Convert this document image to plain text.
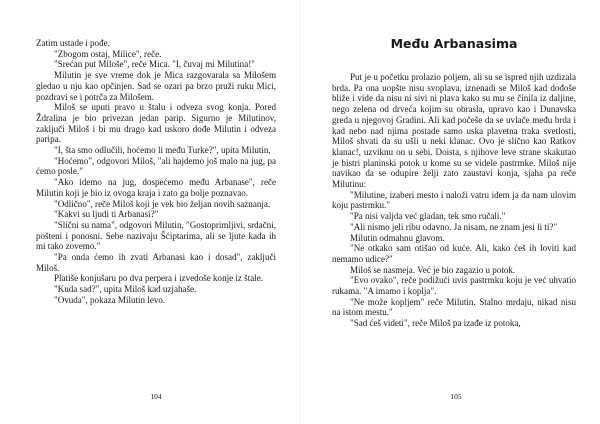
Zatim ustade i pođe.

"Zbogom ostaj, Milice", reče.

"Srećan put Miloše", reče Mica. "I, čuvaj mi Milutina!"

Milutin je sve vreme dok je Mica razgovarala sa Milošem gledao u nju kao opčinjen. Sad se ozari pa brzo pruži ruku Mici, pozdravi se i potrča za Milošem.

Miloš se uputi pravo u štalu i odveza svog konja. Pored Ždralina je bio privezan jedan parip. Sigurno je Milutinov, zaključi Miloš i bi mu drago kad uskoro dođe Milutin i odveza paripa.

"I, šta smo odlučili, hoćemo li među Turke?", upita Milutin,

"Hoćemo", odgovori Miloš, "ali hajdemo još malo na jug, pa ćemo posle."

"Ako idemo na jug, dospećemo među Arbanase", reče Milutin koji je bio iz ovoga kraja i zato ga bolje poznavao.

"Odlično", reče Miloš koji je vek bio željan novih saznanja.

"Kakvi su ljudi ti Arbanasi?"

"Slični su nama", odgovori Milutin, "Gostoprimljivi, srdačni, pošteni i ponosni. Sebe nazivaju Šćiptarima, ali se ljute kada ih mi tako zovemo."

"Pa onda ćemo ih zvati Arbanasi kao i dosad", zaključi Miloš.

Platiše konjušaru po dva perpera i izvedoše konje iz štale.

"Kuda sad?", upita Miloš kad uzjahaše.

"Ovuda", pokaza Milutin levo.

Među Arbanasima

Put je u početku prolazio poljem, ali su se ispred njih uzdizala brda. Pa ona uopšte nisu svoplava, iznenadi se Miloš kad dođoše bliže i vide da nisu ni sivi ni plava kako su mu se činila iz daljine, nego zelena od drveća kojim su obrasla, upravo kao i Dunavska greda u njegovoj Gradini. Ali kad počeše da se uvlače među brda i kad nebo nad njima postade samo uska plavetna traka svetlosti, Miloš shvati da su ušli u neki klanac. Ovo je slično kao Ratkov klanac!, uzviknu on u sebi. Doista, s njihove leve strane skakutao je bistri planinski potok u kome su se videle pastrmke. Miloš nije navikao da se odupire želji zato zaustavi konja, sjaha pa reče Milutinu:

"Milutine, izaberi mesto i naloži vatru idem ja da nam ulovim koju pastrmku."

"Pa nisi valjda već gladan, tek smo ručali."

"Ali nismo jeli ribu odavno. Ja nisam, ne znam jesi li ti?"

Milutin odmahnu glavom.

"Ne otkako sam otišao od kuće. Ali, kako ćeš ih loviti kad nemamo udice?"

Miloš se nasmeja. Već je bio zagazio u potok.

"Evo ovako", reče podižući uvis pastrmku koju je već uhvatio rukama. "A imamo i koplja".

"Ne može kopljem" reče Milutin. Stalno mrdaju, nikad nisu na istom mestu."

"Sad ćeš videti", reče Miloš pa izađe iz potoka,

104	105
